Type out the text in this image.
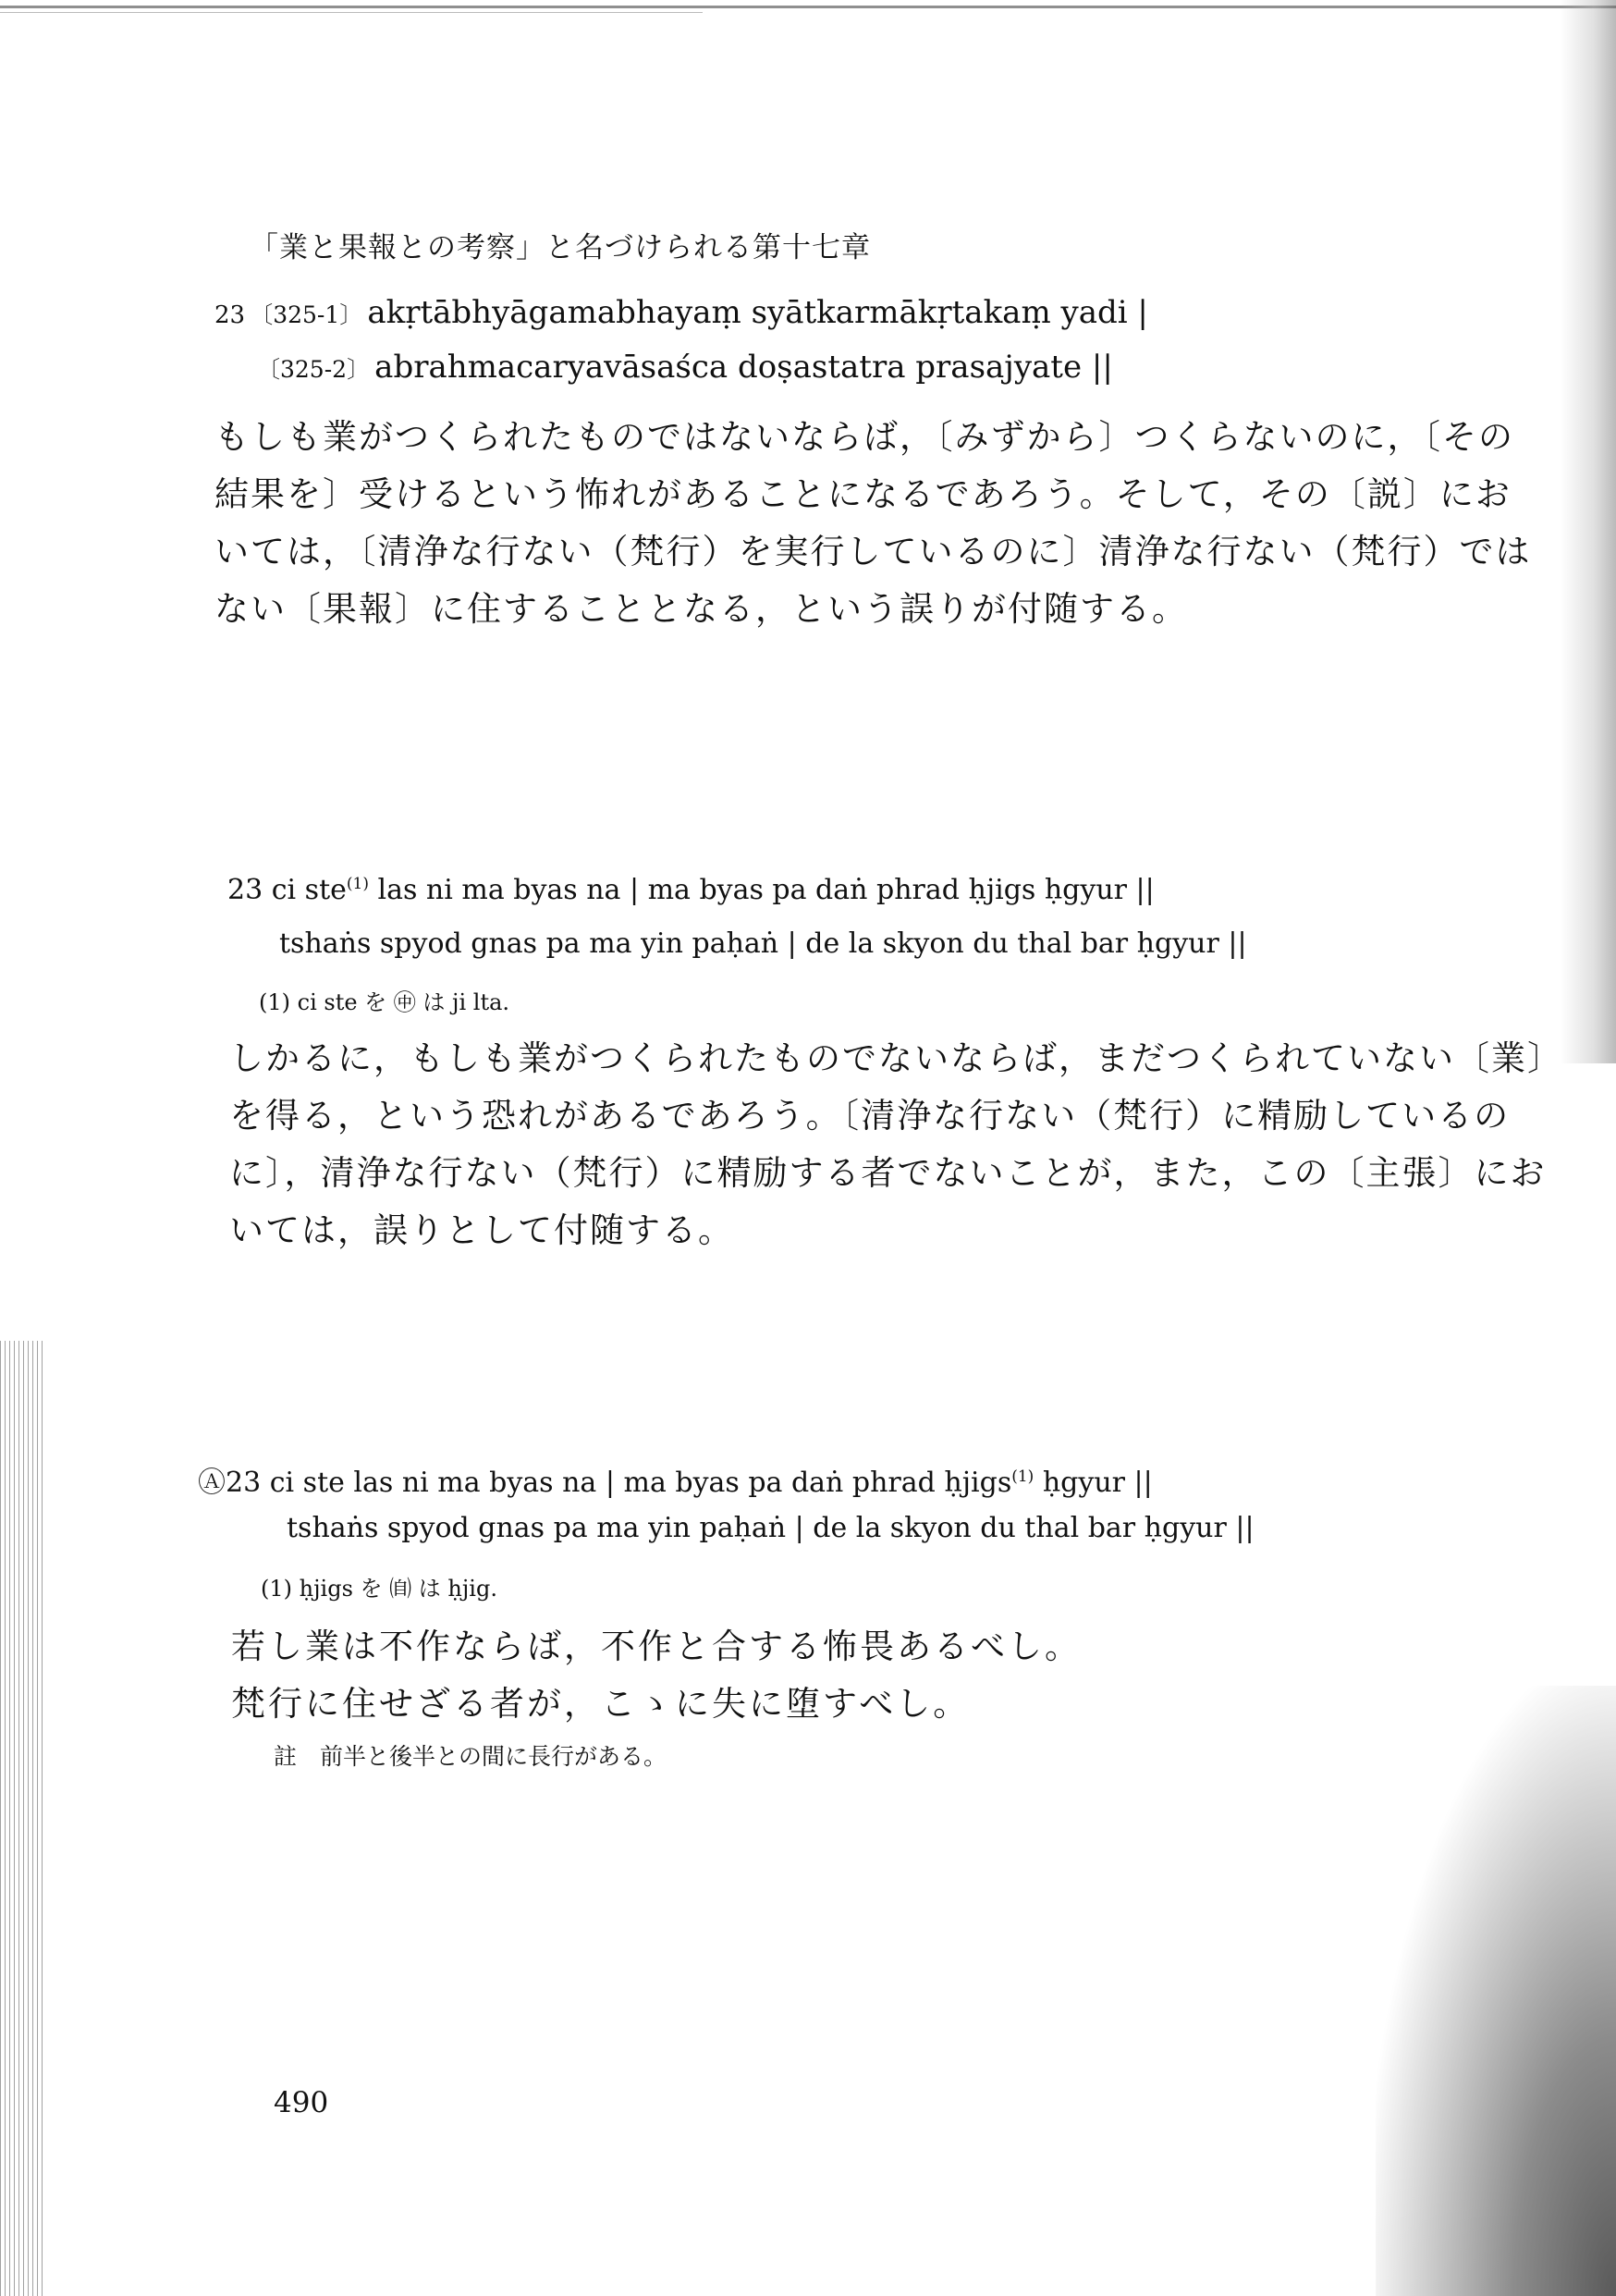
「業と果報との考察」と名づけられる第十七章
23 〔325-1〕 akṛtābhyāgamabhayaṃ syātkarmākṛtakaṃ yadi |
〔325-2〕 abrahmacaryavāsaśca doṣastatra prasajyate ||
もしも業がつくられたものではないならば，〔みずから〕つくらないのに，〔その
結果を〕受けるという怖れがあることになるであろう。そして，その〔説〕にお
いては，〔清浄な行ない（梵行）を実行しているのに〕清浄な行ない（梵行）では
ない〔果報〕に住することとなる，という誤りが付随する。
23 ci ste$^{(1)}$ las ni ma byas na | ma byas pa daṅ phrad ḥjigs ḥgyur ||
tshaṅs spyod gnas pa ma yin paḥaṅ | de la skyon du thal bar ḥgyur ||
(1) ci ste を ㊥ は ji lta.
しかるに，もしも業がつくられたものでないならば，まだつくられていない〔業〕
を得る，という恐れがあるであろう。〔清浄な行ない（梵行）に精励しているの
に〕，清浄な行ない（梵行）に精励する者でないことが，また，この〔主張〕にお
いては，誤りとして付随する。
Ⓐ23 ci ste las ni ma byas na | ma byas pa daṅ phrad ḥjigs$^{(1)}$ ḥgyur ||
tshaṅs spyod gnas pa ma yin paḥaṅ | de la skyon du thal bar ḥgyur ||
(1) ḥjigs を ㉂ は ḥjig.
若し業は不作ならば，不作と合する怖畏あるべし。
梵行に住せざる者が，こゝに失に堕すべし。
註　前半と後半との間に長行がある。
490
